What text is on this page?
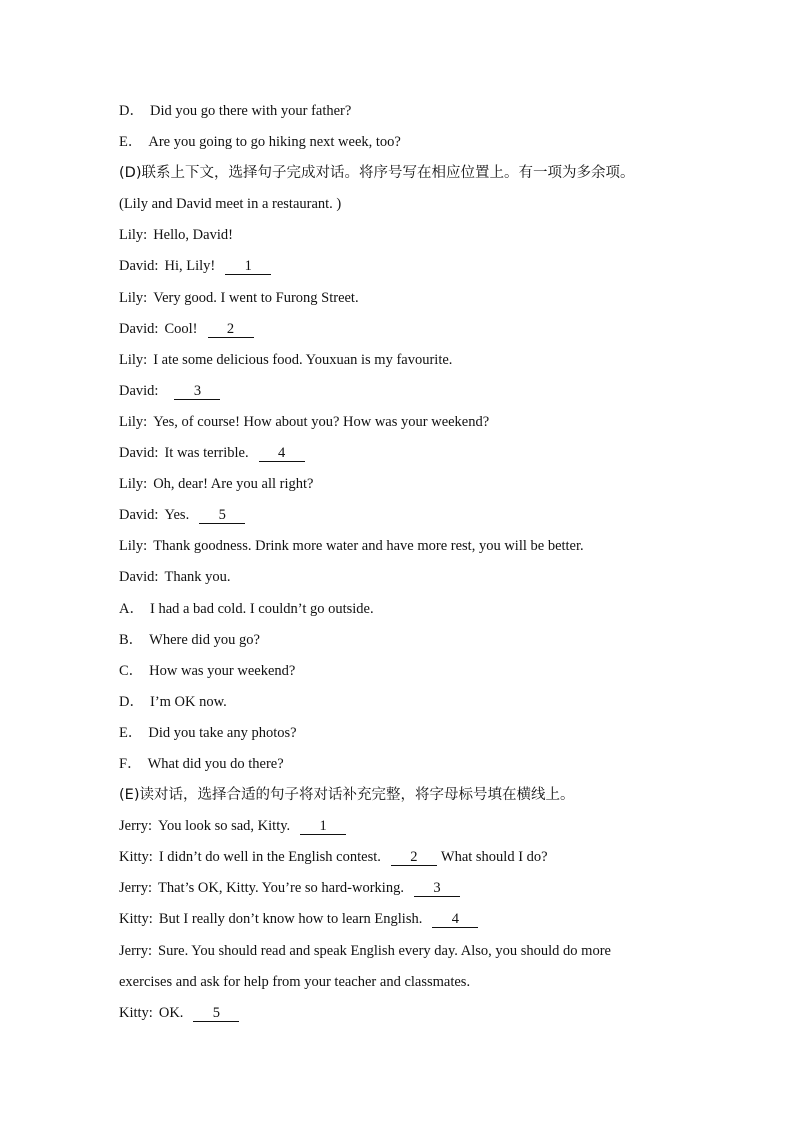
D． Did you go there with your father?
E． Are you going to go hiking next week, too?
(D)联系上下文，选择句子完成对话。将序号写在相应位置上。有一项为多余项。
(Lily and David meet in a restaurant. )
Lily: Hello, David!
David: Hi, Lily! 1
Lily: Very good. I went to Furong Street.
David: Cool! 2
Lily: I ate some delicious food. Youxuan is my favourite.
David: 3
Lily: Yes, of course! How about you? How was your weekend?
David: It was terrible. 4
Lily: Oh, dear! Are you all right?
David: Yes. 5
Lily: Thank goodness. Drink more water and have more rest, you will be better.
David: Thank you.
A． I had a bad cold. I couldn’t go outside.
B． Where did you go?
C． How was your weekend?
D． I’m OK now.
E． Did you take any photos?
F． What did you do there?
(E)读对话，选择合适的句子将对话补充完整，将字母标号填在横线上。
Jerry: You look so sad, Kitty. 1
Kitty: I didn’t do well in the English contest. 2 What should I do?
Jerry: That’s OK, Kitty. You’re so hard-working. 3
Kitty: But I really don’t know how to learn English. 4
Jerry: Sure. You should read and speak English every day. Also, you should do more
exercises and ask for help from your teacher and classmates.
Kitty: OK. 5
